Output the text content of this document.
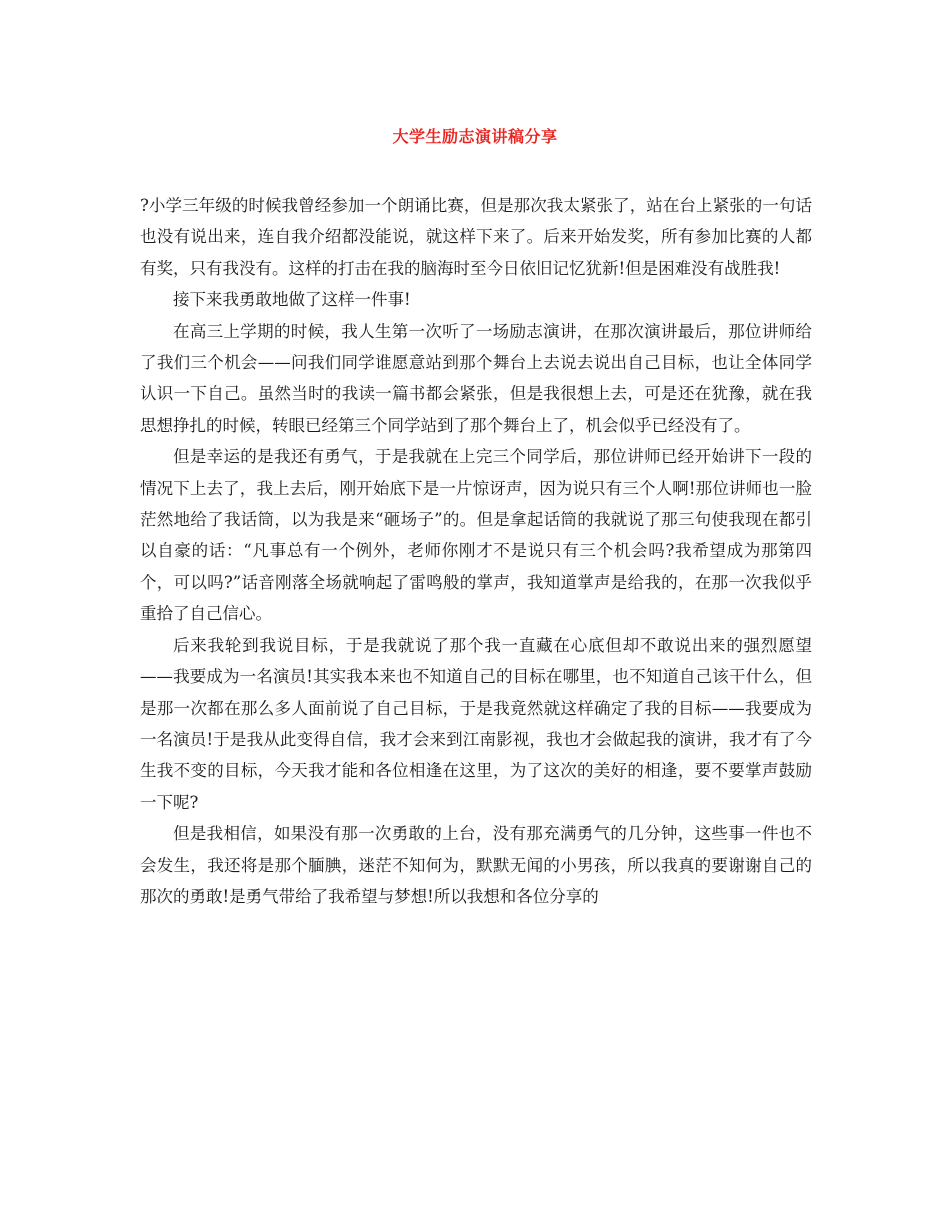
大学生励志演讲稿分享

?小学三年级的时候我曾经参加一个朗诵比赛，但是那次我太紧张了，站在台上紧张的一句话也没有说出来，连自我介绍都没能说，就这样下来了。后来开始发奖，所有参加比赛的人都有奖，只有我没有。这样的打击在我的脑海时至今日依旧记忆犹新!但是困难没有战胜我!

接下来我勇敢地做了这样一件事!

在高三上学期的时候，我人生第一次听了一场励志演讲，在那次演讲最后，那位讲师给了我们三个机会——问我们同学谁愿意站到那个舞台上去说去说出自己目标，也让全体同学认识一下自己。虽然当时的我读一篇书都会紧张，但是我很想上去，可是还在犹豫，就在我思想挣扎的时候，转眼已经第三个同学站到了那个舞台上了，机会似乎已经没有了。

但是幸运的是我还有勇气，于是我就在上完三个同学后，那位讲师已经开始讲下一段的情况下上去了，我上去后，刚开始底下是一片惊讶声，因为说只有三个人啊!那位讲师也一脸茫然地给了我话筒，以为我是来“砸场子”的。但是拿起话筒的我就说了那三句使我现在都引以自豪的话：“凡事总有一个例外，老师你刚才不是说只有三个机会吗?我希望成为那第四个，可以吗?”话音刚落全场就响起了雷鸣般的掌声，我知道掌声是给我的，在那一次我似乎重拾了自己信心。

后来我轮到我说目标，于是我就说了那个我一直藏在心底但却不敢说出来的强烈愿望——我要成为一名演员!其实我本来也不知道自己的目标在哪里，也不知道自己该干什么，但是那一次都在那么多人面前说了自己目标，于是我竟然就这样确定了我的目标——我要成为一名演员!于是我从此变得自信，我才会来到江南影视，我也才会做起我的演讲，我才有了今生我不变的目标，今天我才能和各位相逢在这里，为了这次的美好的相逢，要不要掌声鼓励一下呢?

但是我相信，如果没有那一次勇敢的上台，没有那充满勇气的几分钟，这些事一件也不会发生，我还将是那个腼腆，迷茫不知何为，默默无闻的小男孩，所以我真的要谢谢自己的那次的勇敢!是勇气带给了我希望与梦想!所以我想和各位分享的
